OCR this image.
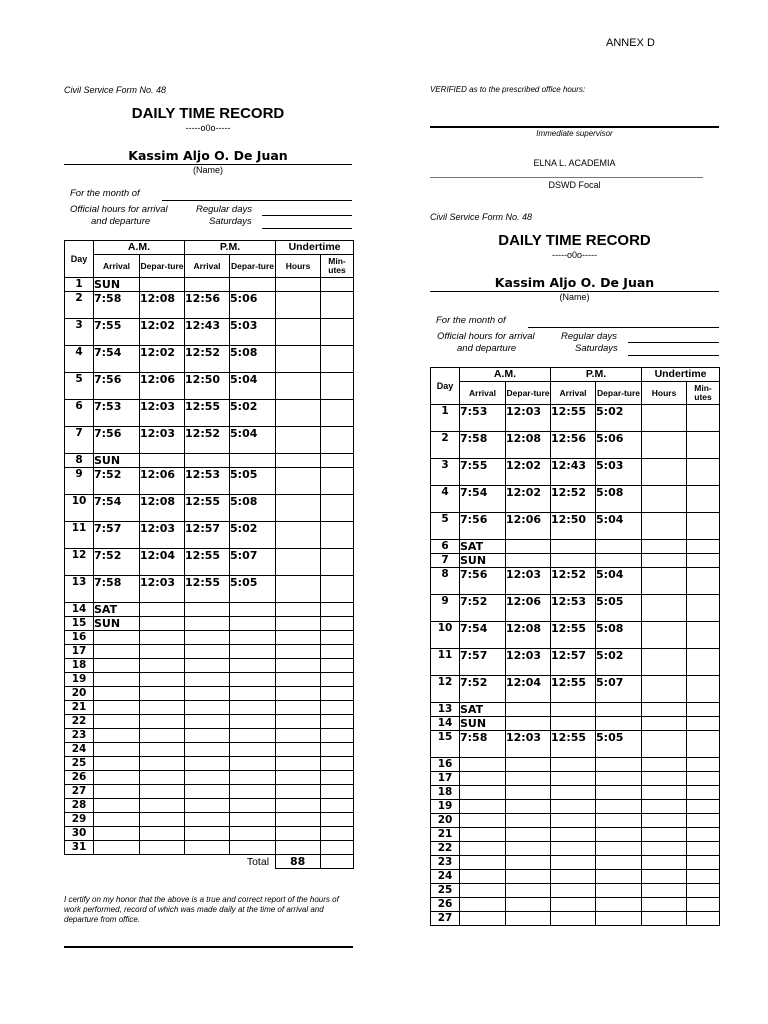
ANNEX D
Civil Service Form No. 48
DAILY TIME RECORD
-----o0o-----
Kassim Aljo O. De Juan
(Name)
For the month of
Official hours for arrival
and departure
Regular days
Saturdays
Day	A.M.		P.M.		Undertime	
	Arrival	Depar-ture	Arrival	Depar-ture	Hours	Min-utes
1	SUN					
2	7:58	12:08	12:56	5:06		
3	7:55	12:02	12:43	5:03		
4	7:54	12:02	12:52	5:08		
5	7:56	12:06	12:50	5:04		
6	7:53	12:03	12:55	5:02		
7	7:56	12:03	12:52	5:04		
8	SUN					
9	7:52	12:06	12:53	5:05		
10	7:54	12:08	12:55	5:08		
11	7:57	12:03	12:57	5:02		
12	7:52	12:04	12:55	5:07		
13	7:58	12:03	12:55	5:05		
14	SAT					
15	SUN					
16						
17						
18						
19						
20						
21						
22						
23						
24						
25						
26						
27						
28						
29						
30						
31						
Total					88	
I certify on my honor that the above is a true and correct report of the hours of work performed, record of which was made daily at the time of arrival and departure from office.
VERIFIED as to the prescribed office hours:
Immediate supervisor
ELNA L. ACADEMIA
DSWD Focal
Civil Service Form No. 48
DAILY TIME RECORD
-----o0o-----
Kassim Aljo O. De Juan
(Name)
For the month of
Official hours for arrival
and departure
Regular days
Saturdays
Day	A.M.		P.M.		Undertime	
	Arrival	Depar-ture	Arrival	Depar-ture	Hours	Min-utes
1	7:53	12:03	12:55	5:02		
2	7:58	12:08	12:56	5:06		
3	7:55	12:02	12:43	5:03		
4	7:54	12:02	12:52	5:08		
5	7:56	12:06	12:50	5:04		
6	SAT					
7	SUN					
8	7:56	12:03	12:52	5:04		
9	7:52	12:06	12:53	5:05		
10	7:54	12:08	12:55	5:08		
11	7:57	12:03	12:57	5:02		
12	7:52	12:04	12:55	5:07		
13	SAT					
14	SUN					
15	7:58	12:03	12:55	5:05		
16						
17						
18						
19						
20						
21						
22						
23						
24						
25						
26						
27						
